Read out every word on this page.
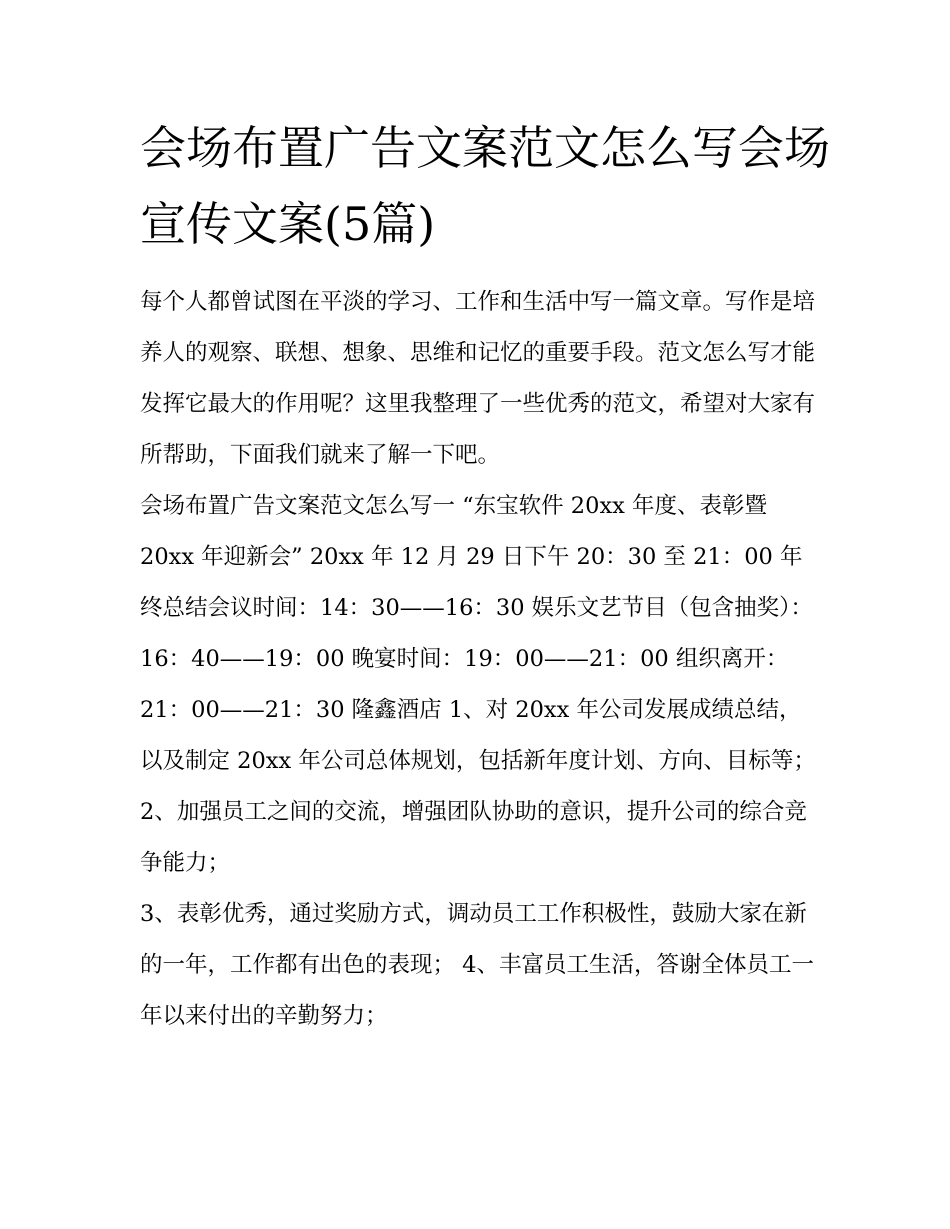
会场布置广告文案范文怎么写会场宣传文案(5篇)

每个人都曾试图在平淡的学习、工作和生活中写一篇文章。写作是培养人的观察、联想、想象、思维和记忆的重要手段。范文怎么写才能发挥它最大的作用呢？这里我整理了一些优秀的范文，希望对大家有所帮助，下面我们就来了解一下吧。

会场布置广告文案范文怎么写一 “东宝软件 20xx 年度、表彰暨 20xx 年迎新会” 20xx 年 12 月 29 日下午 20：30 至 21：00 年终总结会议时间：14：30——16：30 娱乐文艺节目（包含抽奖）：16：40——19：00 晚宴时间：19：00——21：00 组织离开：21：00——21：30 隆鑫酒店 1、对 20xx 年公司发展成绩总结，以及制定 20xx 年公司总体规划，包括新年度计划、方向、目标等；

2、加强员工之间的交流，增强团队协助的意识，提升公司的综合竞争能力；

3、表彰优秀，通过奖励方式，调动员工工作积极性，鼓励大家在新的一年，工作都有出色的表现； 4、丰富员工生活，答谢全体员工一年以来付出的辛勤努力；
